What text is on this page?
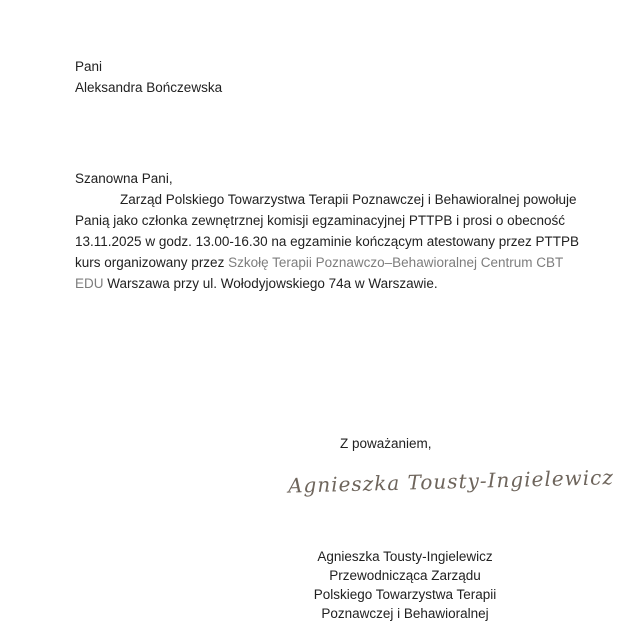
Pani
Aleksandra Bończewska
Szanowna Pani,
Zarząd Polskiego Towarzystwa Terapii Poznawczej i Behawioralnej powołuje
Panią jako członka zewnętrznej komisji egzaminacyjnej PTTPB i prosi o obecność
13.11.2025 w godz. 13.00-16.30 na egzaminie kończącym atestowany przez PTTPB
kurs organizowany przez Szkołę Terapii Poznawczo–Behawioralnej Centrum CBT
EDU Warszawa przy ul. Wołodyjowskiego 74a w Warszawie.
Z poważaniem,
Agnieszka Tousty-Ingielewicz
Agnieszka Tousty-Ingielewicz
Przewodnicząca Zarządu
Polskiego Towarzystwa Terapii
Poznawczej i Behawioralnej
